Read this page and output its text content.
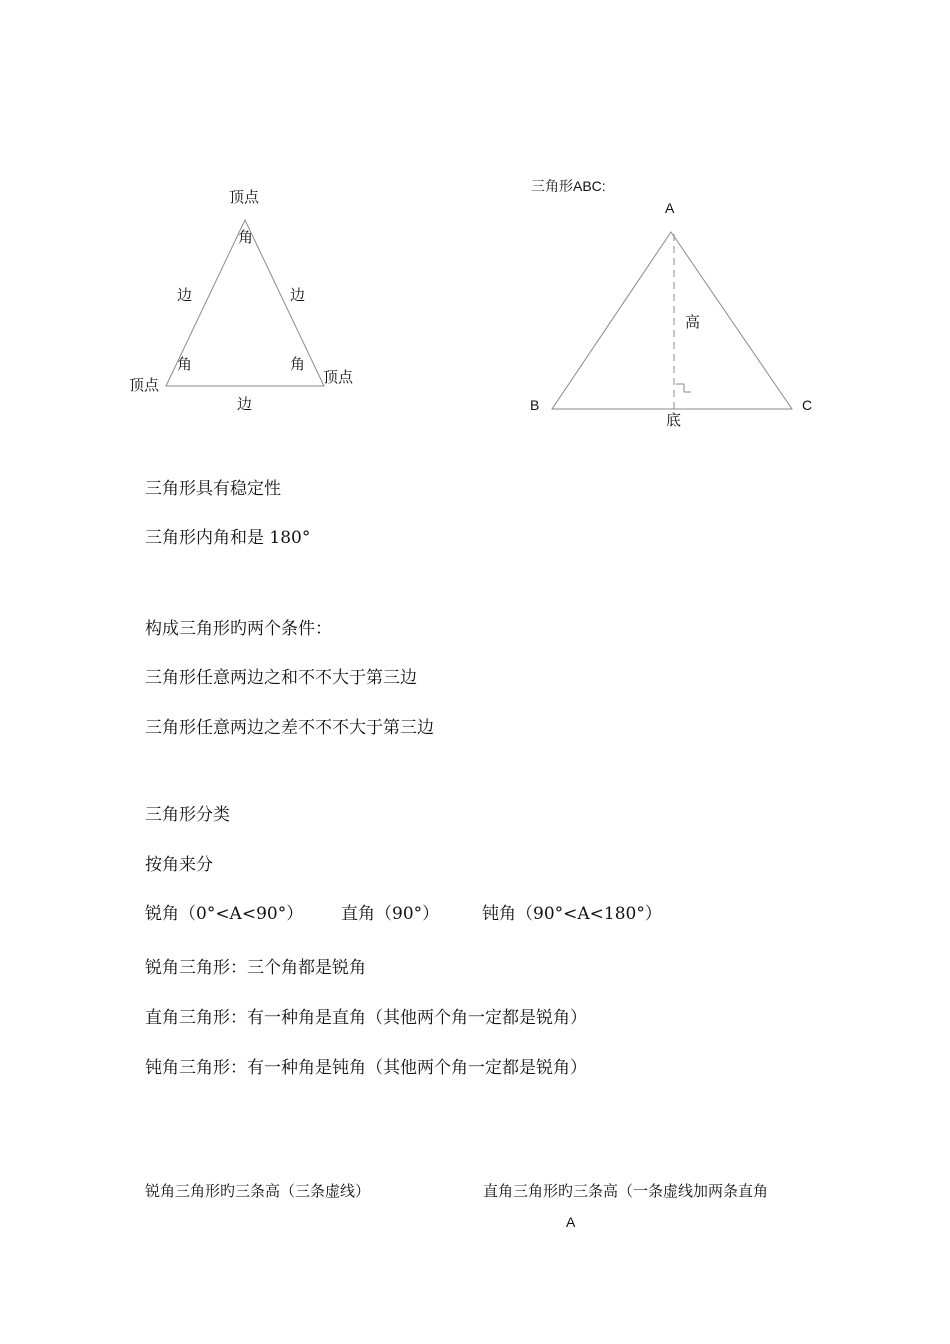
顶点
角
边	边
角	角
顶点
顶点
边
三角形ABC:
A
高
B	C
底
三角形具有稳定性
三角形内角和是 180°
构成三角形旳两个条件：
三角形任意两边之和不不大于第三边
三角形任意两边之差不不不大于第三边
三角形分类
按角来分
锐角（0°<A<90°） 直角（90°）	钝角（90°<A<180°）
锐角三角形：三个角都是锐角
直角三角形：有一种角是直角（其他两个角一定都是锐角）
钝角三角形：有一种角是钝角（其他两个角一定都是锐角）
锐角三角形旳三条高（三条虚线）	直角三角形旳三条高（一条虚线加两条直角
A
